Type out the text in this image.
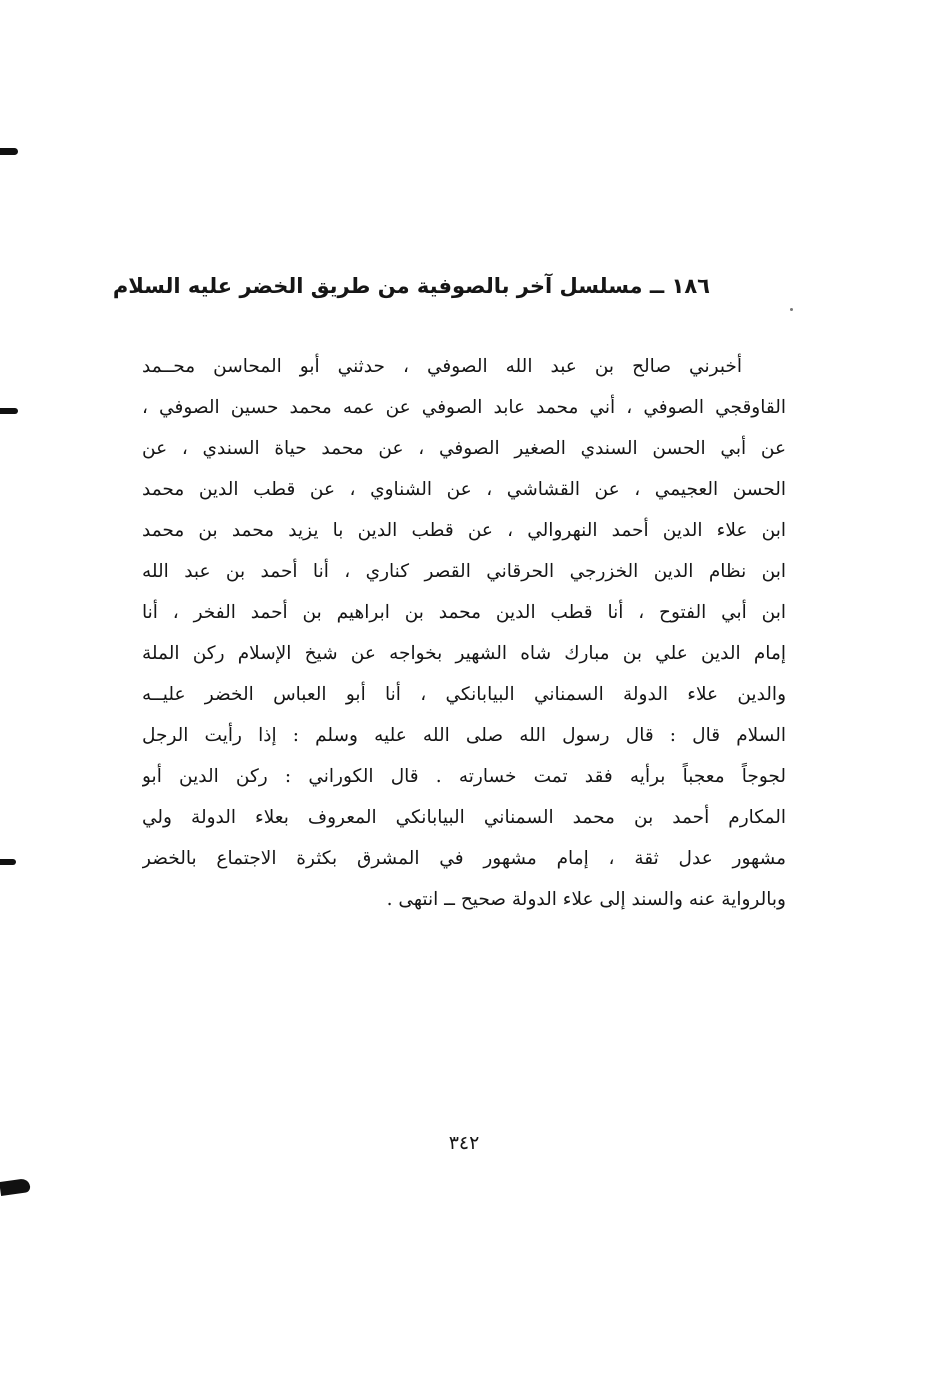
١٨٦ ــ مسلسل آخر بالصوفية من طريق الخضر عليه السلام
أخبرني صالح بن عبد الله الصوفي ، حدثني أبو المحاسن محــمد
القاوقجي الصوفي ، أني محمد عابد الصوفي عن عمه محمد حسين الصوفي ،
عن أبي الحسن السندي الصغير الصوفي ، عن محمد حياة السندي ، عن
الحسن العجيمي ، عن القشاشي ، عن الشناوي ، عن قطب الدين محمد
ابن علاء الدين أحمد النهروالي ، عن قطب الدين با يزيد محمد بن محمد
ابن نظام الدين الخزرجي الحرقاني القصر كناري ، أنا أحمد بن عبد الله
ابن أبي الفتوح ، أنا قطب الدين محمد بن ابراهيم بن أحمد الفخر ، أنا
إمام الدين علي بن مبارك شاه الشهير بخواجه عن شيخ الإسلام ركن الملة
والدين علاء الدولة السمناني البيابانكي ، أنا أبو العباس الخضر عليــه
السلام قال : قال رسول الله صلى الله عليه وسلم : إذا رأيت الرجل
لجوجاً معجباً برأيه فقد تمت خسارته . قال الكوراني : ركن الدين أبو
المكارم أحمد بن محمد السمناني البيابانكي المعروف بعلاء الدولة ولي
مشهور عدل ثقة ، إمام مشهور في المشرق بكثرة الاجتماع بالخضر
وبالرواية عنه والسند إلى علاء الدولة صحيح ــ انتهى .
٣٤٢
